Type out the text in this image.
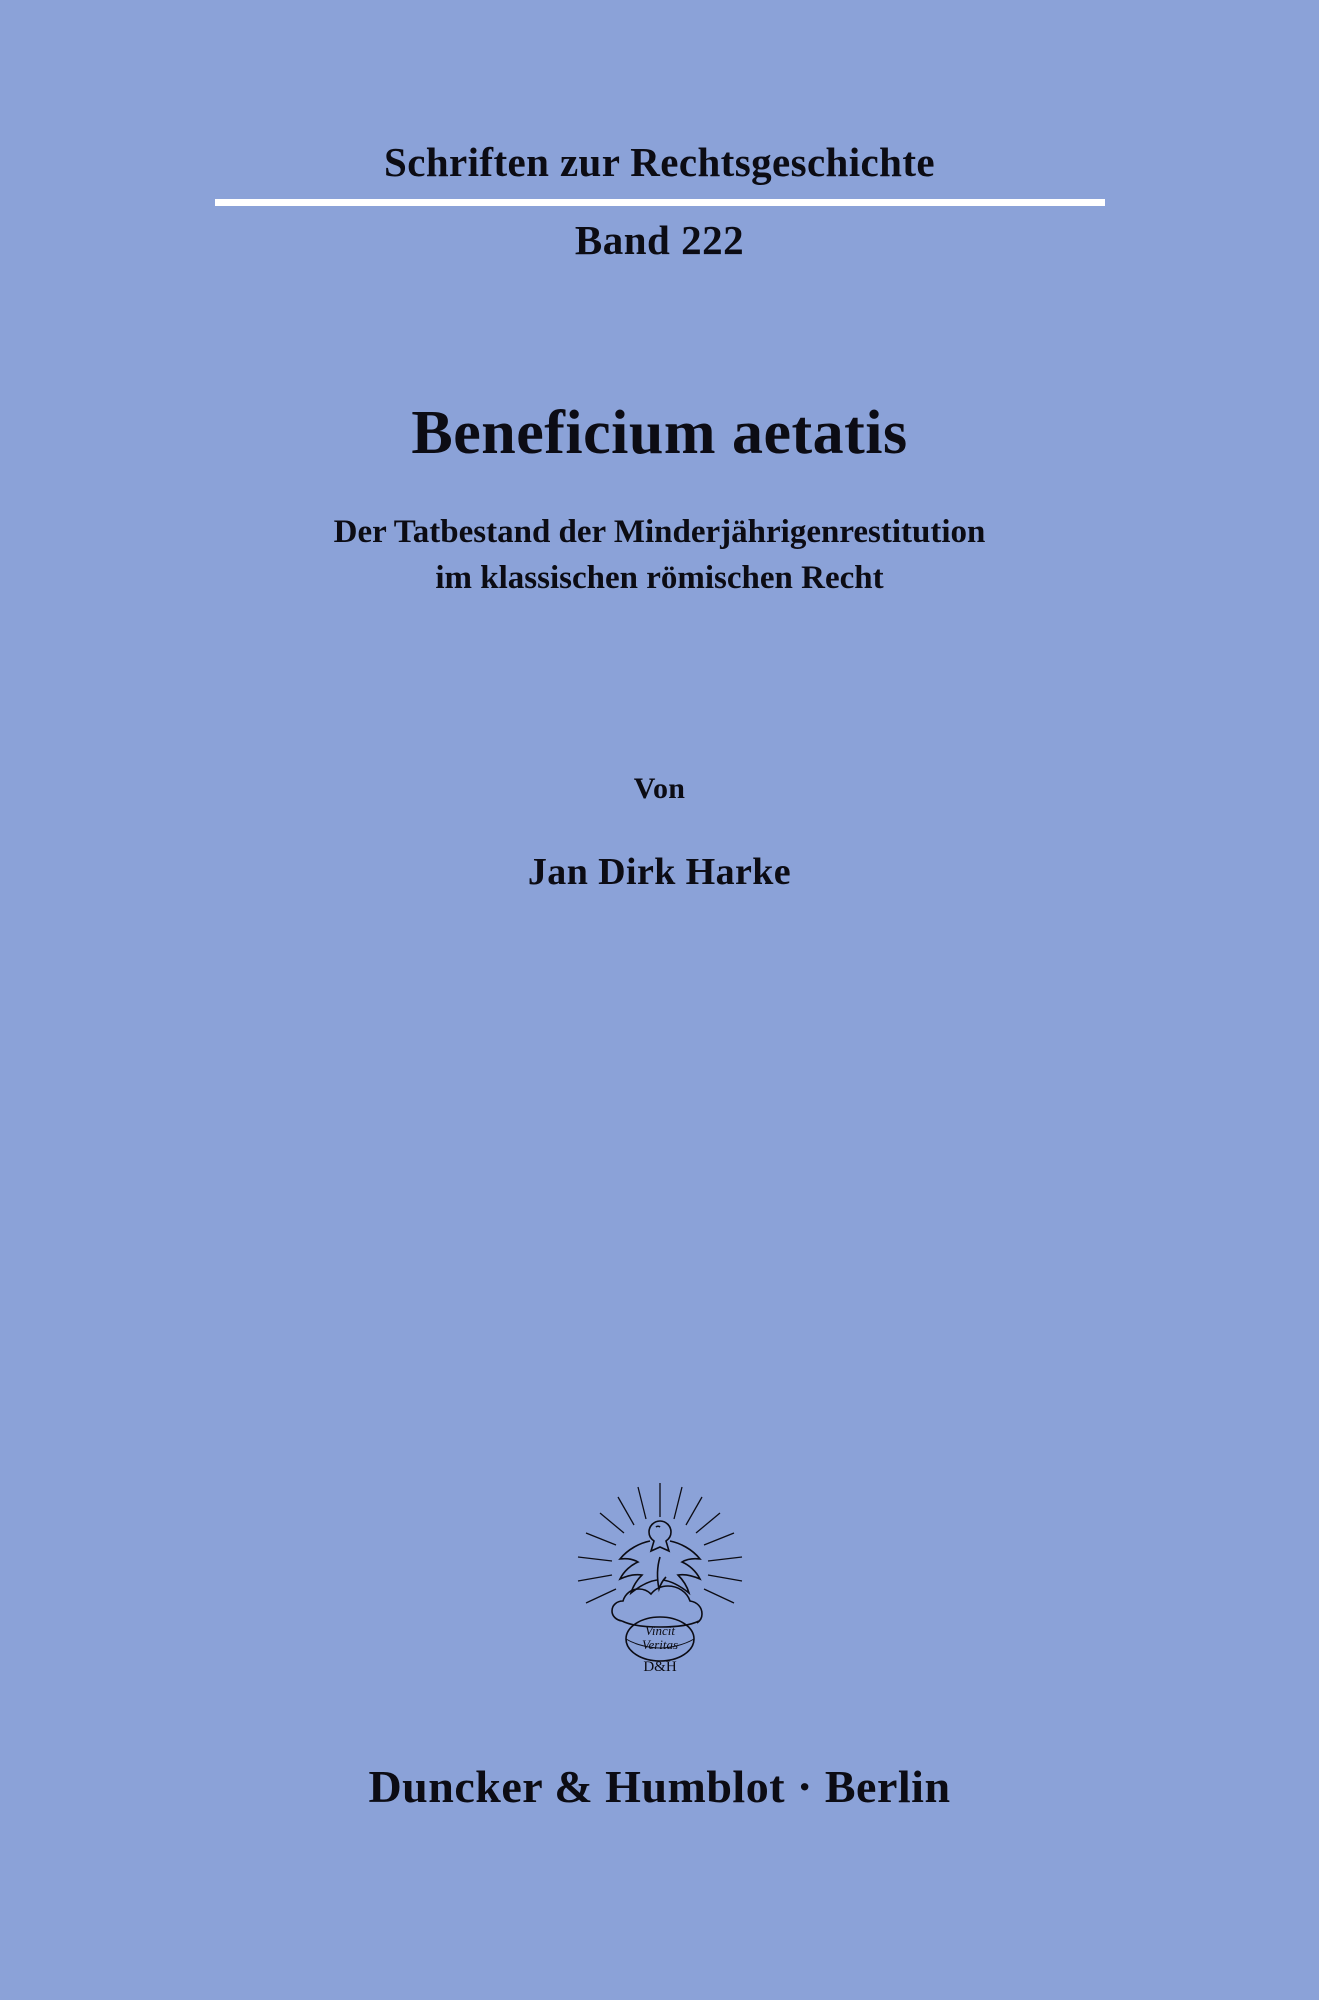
Schriften zur Rechtsgeschichte
Band 222
Beneficium aetatis
Der Tatbestand der Minderjährigenrestitution
im klassischen römischen Recht
Von
Jan Dirk Harke
Vincit
Veritas
D&H
Duncker & Humblot · Berlin
